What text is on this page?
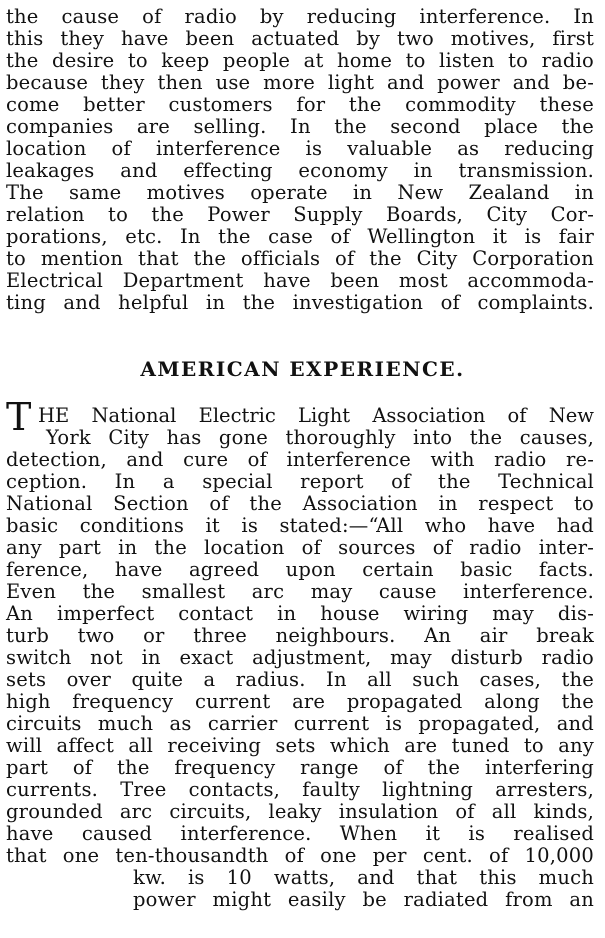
the cause of radio by reducing interference. In
this they have been actuated by two motives, first
the desire to keep people at home to listen to radio
because they then use more light and power and be-
come better customers for the commodity these
companies are selling. In the second place the
location of interference is valuable as reducing
leakages and effecting economy in transmission.
The same motives operate in New Zealand in
relation to the Power Supply Boards, City Cor-
porations, etc. In the case of Wellington it is fair
to mention that the officials of the City Corporation
Electrical Department have been most accommoda-
ting and helpful in the investigation of complaints.
AMERICAN EXPERIENCE.
T HE National Electric Light Association of New
York City has gone thoroughly into the causes,
detection, and cure of interference with radio re-
ception. In a special report of the Technical
National Section of the Association in respect to
basic conditions it is stated:—“All who have had
any part in the location of sources of radio inter-
ference, have agreed upon certain basic facts.
Even the smallest arc may cause interference.
An imperfect contact in house wiring may dis-
turb two or three neighbours. An air break
switch not in exact adjustment, may disturb radio
sets over quite a radius. In all such cases, the
high frequency current are propagated along the
circuits much as carrier current is propagated, and
will affect all receiving sets which are tuned to any
part of the frequency range of the interfering
currents. Tree contacts, faulty lightning arresters,
grounded arc circuits, leaky insulation of all kinds,
have caused interference. When it is realised
that one ten-thousandth of one per cent. of 10,000
kw. is 10 watts, and that this much
power might easily be radiated from an
